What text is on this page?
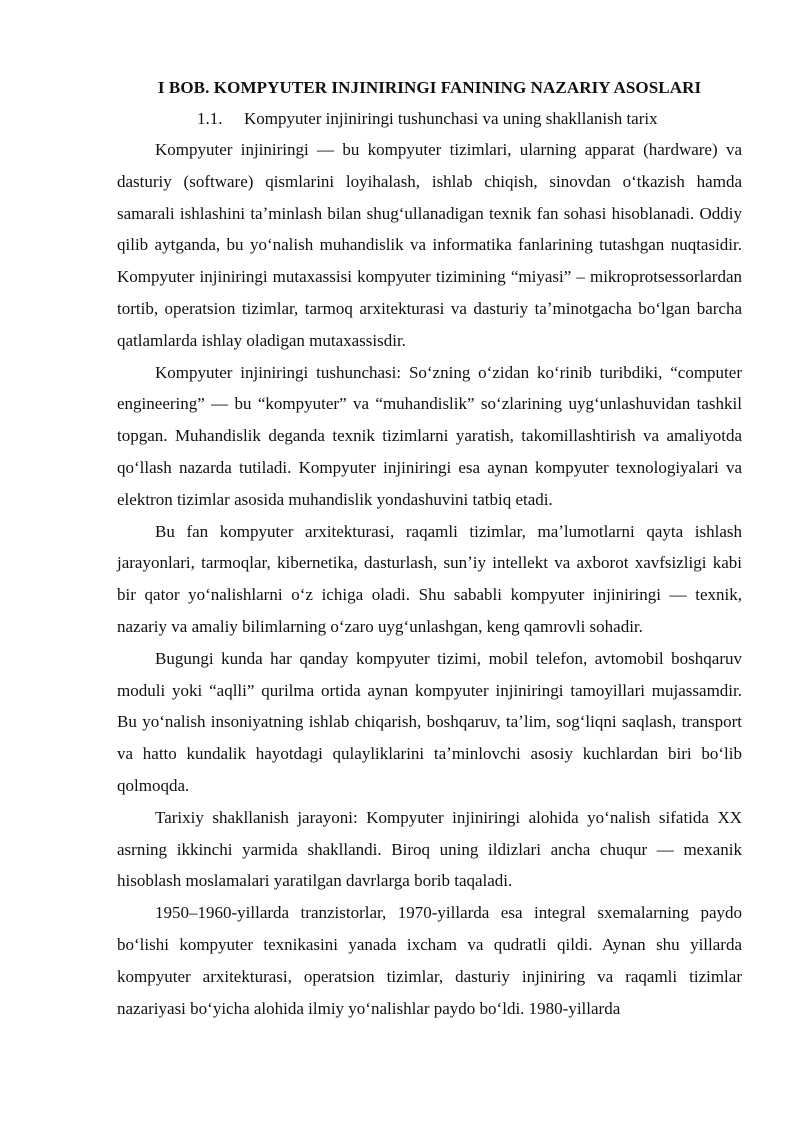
I BOB. KOMPYUTER INJINIRINGI FANINING NAZARIY ASOSLARI
1.1. Kompyuter injiniringi tushunchasi va uning shakllanish tarix

Kompyuter injiniringi — bu kompyuter tizimlari, ularning apparat (hardware) va dasturiy (software) qismlarini loyihalash, ishlab chiqish, sinovdan oʻtkazish hamda samarali ishlashini taʼminlash bilan shugʻullanadigan texnik fan sohasi hisoblanadi. Oddiy qilib aytganda, bu yoʻnalish muhandislik va informatika fanlarining tutashgan nuqtasidir. Kompyuter injiniringi mutaxassisi kompyuter tizimining “miyasi” – mikroprotsessorlardan tortib, operatsion tizimlar, tarmoq arxitekturasi va dasturiy taʼminotgacha boʻlgan barcha qatlamlarda ishlay oladigan mutaxassisdir.

Kompyuter injiniringi tushunchasi: Soʻzning oʻzidan koʻrinib turibdiki, “computer engineering” — bu “kompyuter” va “muhandislik” soʻzlarining uygʻunlashuvidan tashkil topgan. Muhandislik deganda texnik tizimlarni yaratish, takomillashtirish va amaliyotda qoʻllash nazarda tutiladi. Kompyuter injiniringi esa aynan kompyuter texnologiyalari va elektron tizimlar asosida muhandislik yondashuvini tatbiq etadi.

Bu fan kompyuter arxitekturasi, raqamli tizimlar, maʼlumotlarni qayta ishlash jarayonlari, tarmoqlar, kibernetika, dasturlash, sunʼiy intellekt va axborot xavfsizligi kabi bir qator yoʻnalishlarni oʻz ichiga oladi. Shu sababli kompyuter injiniringi — texnik, nazariy va amaliy bilimlarning oʻzaro uygʻunlashgan, keng qamrovli sohadir.

Bugungi kunda har qanday kompyuter tizimi, mobil telefon, avtomobil boshqaruv moduli yoki “aqlli” qurilma ortida aynan kompyuter injiniringi tamoyillari mujassamdir. Bu yoʻnalish insoniyatning ishlab chiqarish, boshqaruv, taʼlim, sogʻliqni saqlash, transport va hatto kundalik hayotdagi qulayliklarini taʼminlovchi asosiy kuchlardan biri boʻlib qolmoqda.

Tarixiy shakllanish jarayoni: Kompyuter injiniringi alohida yoʻnalish sifatida XX asrning ikkinchi yarmida shakllandi. Biroq uning ildizlari ancha chuqur — mexanik hisoblash moslamalari yaratilgan davrlarga borib taqaladi.

1950–1960-yillarda tranzistorlar, 1970-yillarda esa integral sxemalarning paydo boʻlishi kompyuter texnikasini yanada ixcham va qudratli qildi. Aynan shu yillarda kompyuter arxitekturasi, operatsion tizimlar, dasturiy injiniring va raqamli tizimlar nazariyasi boʻyicha alohida ilmiy yoʻnalishlar paydo boʻldi. 1980-yillarda
